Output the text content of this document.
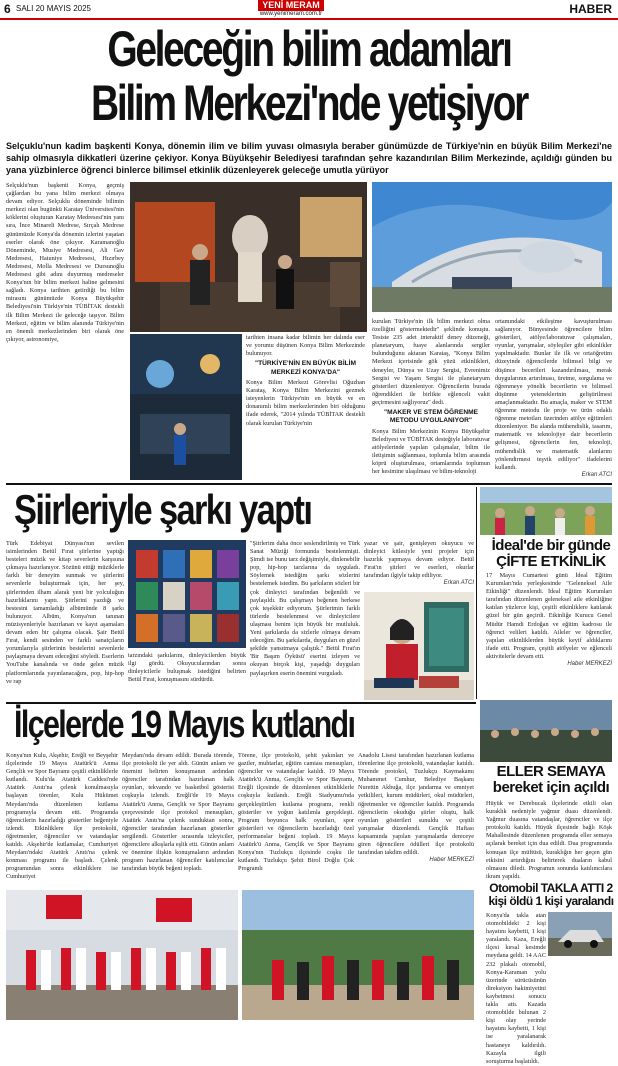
6 SALI 20 MAYIS 2025	YENİ MERAM
www.yenimeram.com.tr	HABER
Geleceğin bilim adamları
Bilim Merkezi'nde yetişiyor
Selçuklu'nun kadim başkenti Konya, dönemin ilim ve bilim yuvası olmasıyla beraber günümüzde de Türkiye'nin en büyük Bilim Merkezi'ne sahip olmasıyla dikkatleri üzerine çekiyor. Konya Büyükşehir Belediyesi tarafından şehre kazandırılan Bilim Merkezinde, açıldığı günden bu yana yüzbinlerce öğrenci binlerce bilimsel etkinlik düzenleyerek geleceğe umutla yürüyor
Selçuklu'nun başkenti Konya, geçmiş çağlardan bu yana bilim merkezi olmaya devam ediyor. Selçuklu döneminde bilimin merkezi olan bugünkü Karatay Üniversitesi'nin köklerini oluşturan Karatay Medresesi'nin yanı sıra, İnce Minareli Medrese, Sırçalı Medrese günümüzde Konya'da dönemin izlerini yaşatan eserler olarak öne çıkıyor. Karamanoğlu Döneminde, Musiye Medresesi, Ali Gav Medresesi, Hatuniye Medresesi, Hızırbey Medresesi, Molla Medresesi ve Dursunoğlu Medresesi gibi adını duyurmuş medreseler Konya'nın bir bilim merkezi haline gelmesini sağladı. Konya tarihten getirdiği bu bilim mirasını günümüzde Konya Büyükşehir Belediyesi'nin Türkiye'nin TÜBİTAK destekli ilk Bilim Merkezi ile geleceğe taşıyor. Bilim Merkezi, eğitim ve bilim alanında Türkiye'nin en önemli merkezlerinden biri olarak öne çıkıyor, astronomiye,	tarihten insana kadar bilimin her dalında eser ve yorumu düşünen Konya Bilim Merkezinde bulunuyor.
"TÜRKİYE'NİN EN BÜYÜK BİLİM MERKEZİ KONYA'DA"
Konya Bilim Merkezi Görevlisi Oğuzhan Karataş, Konya Bilim Merkezini gezmek isteyenlerin Türkiye'nin en büyük ve en donanımlı bilim merkezlerinden biri olduğunu ifade ederek, "2014 yılında TÜBİTAK destekli olarak kurulan Türkiye'nin
kurulan Türkiye'nin ilk bilim merkezi olma özelliğini göstermektedir" şeklinde konuştu. Tesiste 235 adet interaktif deney düzeneği, planetaryum, fuaye alanlarında sergiler bulunduğunu aktaran Karataş, "Konya Bilim Merkezi içerisinde gök yüzü etkinlikleri, deneyler, Dünya ve Uzay Sergisi, Evrenimiz Sergisi ve Yaşam Sergisi ile planetaryum gösterileri düzenleniyor. Öğrencilerin burada öğrendikleri ile birlikte eğlenceli vakit geçirmesini sağlıyoruz" dedi.
"MAKER VE STEM ÖĞRENME METODU UYGULANIYOR"
Konya Bilim Merkezinin Konya Büyükşehir Belediyesi ve TÜBİTAK desteğiyle laboratuvar atölyelerinde yapılan çalışmalar, bilim ile iletişimin sağlanması, toplumla bilim arasında köprü oluşturulması, ortamlarında toplumun her kesimine ulaşılması ve bilim-teknoloji
ortamındaki etkileşime kavuşturulması sağlanıyor. Bünyesinde öğrencilere bilim gösterileri, atölye/laboratuvar çalışmaları, oyunlar, yarışmalar, söyleşiler gibi etkinlikler yapılmaktadır. Bunlar ile ilk ve ortaöğretim düzeyinde öğrencilerde bilimsel bilgi ve düşünce becerileri kazandırılması, merak duygularının artırılması, üretme, sorgulama ve öğrenmeye yönelik becerilerin ve bilimsel düşünme yeteneklerinin geliştirilmesi amaçlanmaktadır. Bu amaçla, maker ve STEM öğrenme metodu ile proje ve ürün odaklı öğrenme metotları üzerinden atölye eğitimleri düzenleniyor. Bu alanda mühendislik, tasarım, matematik ve teknolojiye dair becerilerin gelişmesi, öğrencilerin fen, teknoloji, mühendislik ve matematik alanlarını yönlendirmesi teşvik ediliyor" ifadelerini kullandı.
Erkan ATCI
Şiirleriyle şarkı yaptı
Türk Edebiyat Dünyası'nın sevilen isimlerinden Betül Fırat şiirlerine yaptığı besteleri müzik ve kitap severlerin karşısına çıkmaya hazırlanıyor. Sözünü ettiği müziklerle farklı bir deneyim sunmak ve şiirlerini sevenlerle buluşturmak için, her şey, şiirlerinden ilham alarak yeni bir yolculuğun hazırlıklarını yaptı. Şiirlerini yazdığı ve bestesini tamamladığı albümünde 8 şarkı bulunuyor. Albüm, Konya'nın tanınan müzisyenleriyle hazırlanan ve kayıt aşamaları devam eden bir çalışma olacak. Şair Betül Fırat, kendi sesinden ve farklı sanatçıların yorumlarıyla şiirlerinin bestelerini sevenlerle paylaşmaya devam edeceğini söyledi. Eserlerin YouTube kanalında ve önde gelen müzik platformlarında yayınlanacağını, pop, hip-hop ve rap
tarzındaki şarkılarını, dinleyicilerden büyük ilgi gördü. Okuyucularından sonra dinleyicilerle buluşmak istediğini belirten Betül Fırat, konuşmasını sürdürdü.
"Şiirlerim daha önce seslendirilmiş ve Türk Sanat Müziği formunda bestelenmişti. Şimdi ise bunu tarz değişimiyle, dinlenebilir pop, hip-hop tarzlarına da uyguladı. Söylemek istediğim şarkı sözlerini bestelemek istedim. Bu şarkıların sözleri bir çok dinleyici tarafından beğenildi ve paylaşıldı. Bu çalışmayı beğenen herkese çok teşekkür ediyorum. Şiirlerimin farklı türlerde bestelenmesi ve dinleyicilere ulaşması benim için büyük bir mutluluk. Yeni şarkılarda da sizlerle olmaya devam edeceğim. Bu şarkılarda, duyguları en güzel şekilde yansıtmaya çalıştık." Betül Fırat'ın 'Bir Başım Öyküsü' eserini izleyen ve okuyan birçok kişi, yaşadığı duyguları paylaşırken eserin önemini vurguladı.
yazar ve şair, genişleyen okuyucu ve dinleyici kitlesiyle yeni projeler için hazırlık yapmaya devam ediyor. Betül Fırat'ın şiirleri ve eserleri, okurlar tarafından ilgiyle takip ediliyor.
Erkan ATCI
İdeal'de bir günde ÇİFTE ETKİNLİK
17 Mayıs Cumartesi günü İdeal Eğitim Kurumları'nda yerleşkesinde "Geleneksel Aile Etkinliği" düzenlendi. İdeal Eğitim Kurumları tarafından düzenlenen geleneksel aile etkinliğine katılan yüzlerce kişi, çeşitli etkinliklere katılarak güzel bir gün geçirdi. Etkinliğe Kurucu Genel Müdür Hamdi Erdoğan ve eğitim kadrosu ile öğrenci velileri katıldı. Aileler ve öğrenciler, yapılan etkinliklerden büyük keyif aldıklarını ifade etti. Program, çeşitli atölyeler ve eğlenceli aktivitelerle devam etti.
Haber MERKEZİ
İlçelerde 19 Mayıs kutlandı
Konya'nın Kulu, Akşehir, Ereğli ve Beyşehir ilçelerinde 19 Mayıs Atatürk'ü Anma Gençlik ve Spor Bayramı çeşitli etkinliklerle kutlandı. Kulu'da Atatürk Caddesi'nde Atatürk Anıtı'na çelenk konulmasıyla başlayan törenler, Kulu Hükümet Meydanı'nda düzenlenen kutlama programıyla devam etti. Programda öğrencilerin hazırladığı gösteriler beğeniyle izlendi. Etkinliklere ilçe protokolü, öğretmenler, öğrenciler ve vatandaşlar katıldı. Akşehir'de kutlamalar, Cumhuriyet Meydanı'ndaki Atatürk Anıtı'na çelenk konması programı ile başladı. Çelenk programından sonra etkinliklere ise Cumhuriyet
Meydanı'nda devam edildi. Burada törende, ilçe protokolü ile yer aldı. Günün anlam ve önemini belirten konuşmanın ardından öğrenciler tarafından hazırlanan halk oyunları, tekvando ve basketbol gösterisi coşkuyla izlendi. Ereğli'de 19 Mayıs Atatürk'ü Anma, Gençlik ve Spor Bayramı çerçevesinde ilçe protokol mensupları, Atatürk Anıtı'na çelenk sunduktan sonra, öğrenciler tarafından hazırlanan gösteriler sergilendi. Gösteriler sırasında izleyiciler, öğrencilere alkışlarla eşlik etti. Günün anlam ve önemine ilişkin konuşmaların ardından program hazırlanan öğrenciler katılımcılar tarafından büyük beğeni topladı.
Törene, ilçe protokolü, şehit yakınları ve gaziler, muhtarlar, eğitim camiası mensupları, öğrenciler ve vatandaşlar katıldı. 19 Mayıs Atatürk'ü Anma, Gençlik ve Spor Bayramı, Ereğli ilçesinde de düzenlenen etkinliklerle coşkuyla kutlandı. Ereğli Stadyumu'nda gerçekleştirilen kutlama programı, renkli gösteriler ve yoğun katılımla gerçekleşti. Program boyunca halk oyunları, spor gösterileri ve öğrencilerin hazırladığı özel performanslar beğeni topladı. 19 Mayıs Atatürk'ü Anma, Gençlik ve Spor Bayramı Konya'nın Tuzlukçu ilçesinde coşku ile kutlandı. Tuzlukçu Şehit Birol Doğlu Çok Programlı
Anadolu Lisesi tarafından hazırlanan kutlama törenlerine ilçe protokolü, vatandaşlar katıldı. Törende protokol, Tuzlukçu Kaymakamı Muhammet Cumhur, Belediye Başkanı Nurettin Akbuğa, ilçe jandarma ve emniyet yetkilileri, kurum müdürleri, okul müdürleri, öğretmenler ve öğrenciler katıldı. Programda öğrencilerin okuduğu şiirler oluştu, halk oyunları gösterileri sunuldu ve çeşitli yarışmalar düzenlendi. Gençlik Haftası kapsamında yapılan yarışmalarda dereceye giren öğrencilere ödülleri ilçe protokolü tarafından takdim edildi.
Haber MERKEZİ
ELLER SEMAYA bereket için açıldı
Hüyük ve Derebucak ilçelerinde etkili olan kuraklık nedeniyle yağmur duası düzenlendi. Yağmur duasına vatandaşlar, öğrenciler ve ilçe protokolü katıldı. Hüyük ilçesinde bağlı Köşk Mahallesinde düzenlenen programda eller semaya açılarak bereket için dua edildi. Dua programında konuşan ilçe müftüsü, kuraklığın her geçen gün etkisini artırdığını belirterek duaların kabul olmasını diledi. Programın sonunda katılımcılara ikram yapıldı.
Otomobil TAKLA ATTI 2 kişi öldü 1 kişi yaralandı
Konya'da takla atan otomobildeki 2 kişi hayatını kaybetti, 1 kişi yaralandı. Kaza, Ereğli ilçesi kırsal kesimde meydana geldi. 14 AAC 232 plakalı otomobil, Konya-Karaman yolu üzerinde sürücüsünün direksiyon hakimiyetini kaybetmesi sonucu takla attı. Kazada otomobilde bulunan 2 kişi olay yerinde hayatını kaybetti, 1 kişi ise yaralanarak hastaneye kaldırıldı. Kazayla ilgili soruşturma başlatıldı.
